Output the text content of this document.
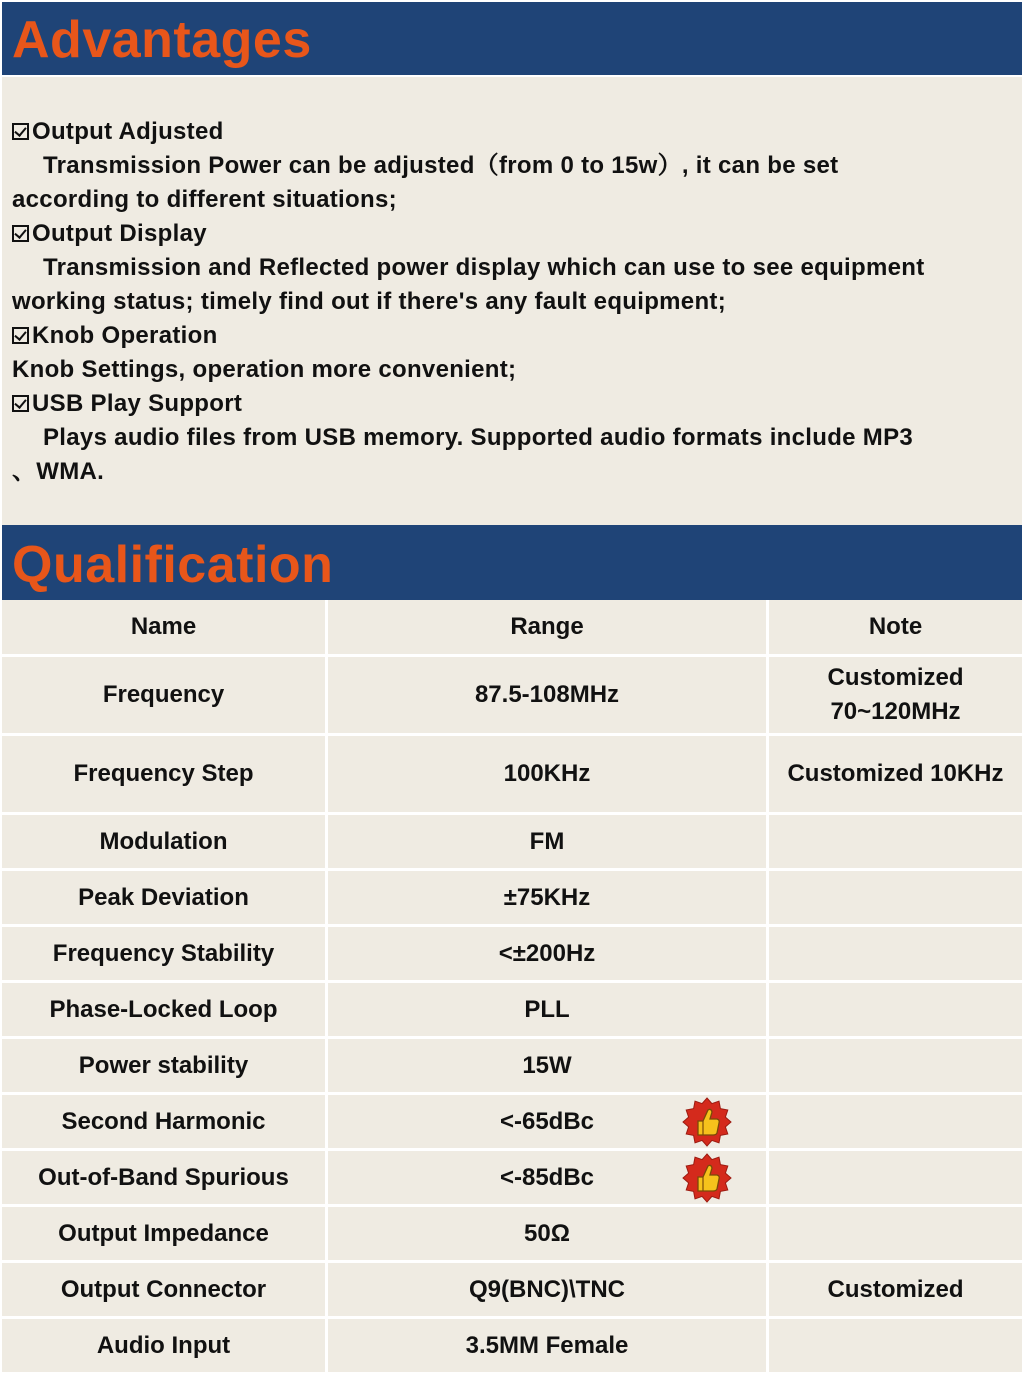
Advantages
Output Adjusted
Transmission Power can be adjusted（from 0 to 15w）, it can be set
according to different situations;
Output Display
Transmission and Reflected power display which can use to see equipment
working status; timely find out if there's any fault equipment;
Knob Operation
Knob Settings, operation more convenient;
USB Play Support
Plays audio files from USB memory. Supported audio formats include MP3
、WMA.
Qualification
Name	Range	Note
Frequency	87.5-108MHz	Customized 70~120MHz
Frequency Step	100KHz	Customized 10KHz
Modulation	FM	
Peak Deviation	±75KHz	
Frequency Stability	<±200Hz	
Phase-Locked Loop	PLL	
Power stability	15W	
Second Harmonic	<-65dBc

Out-of-Band Spurious	<-85dBc

Output Impedance	50Ω	
Output Connector	Q9(BNC)\TNC	Customized
Audio Input	3.5MM Female	
